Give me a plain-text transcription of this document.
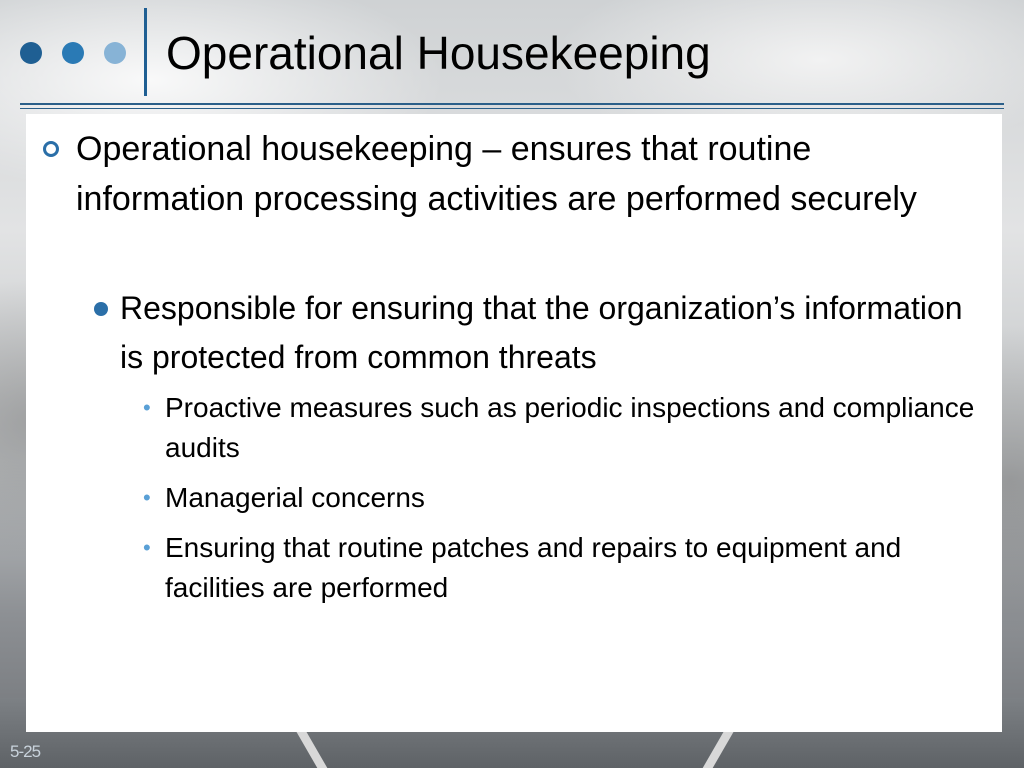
Operational Housekeeping
Operational housekeeping – ensures that routine information processing activities are performed securely
Responsible for ensuring that the organization’s information is protected from common threats
• Proactive measures such as periodic inspections and compliance audits
• Managerial concerns
• Ensuring that routine patches and repairs to equipment and facilities are performed
5-25
